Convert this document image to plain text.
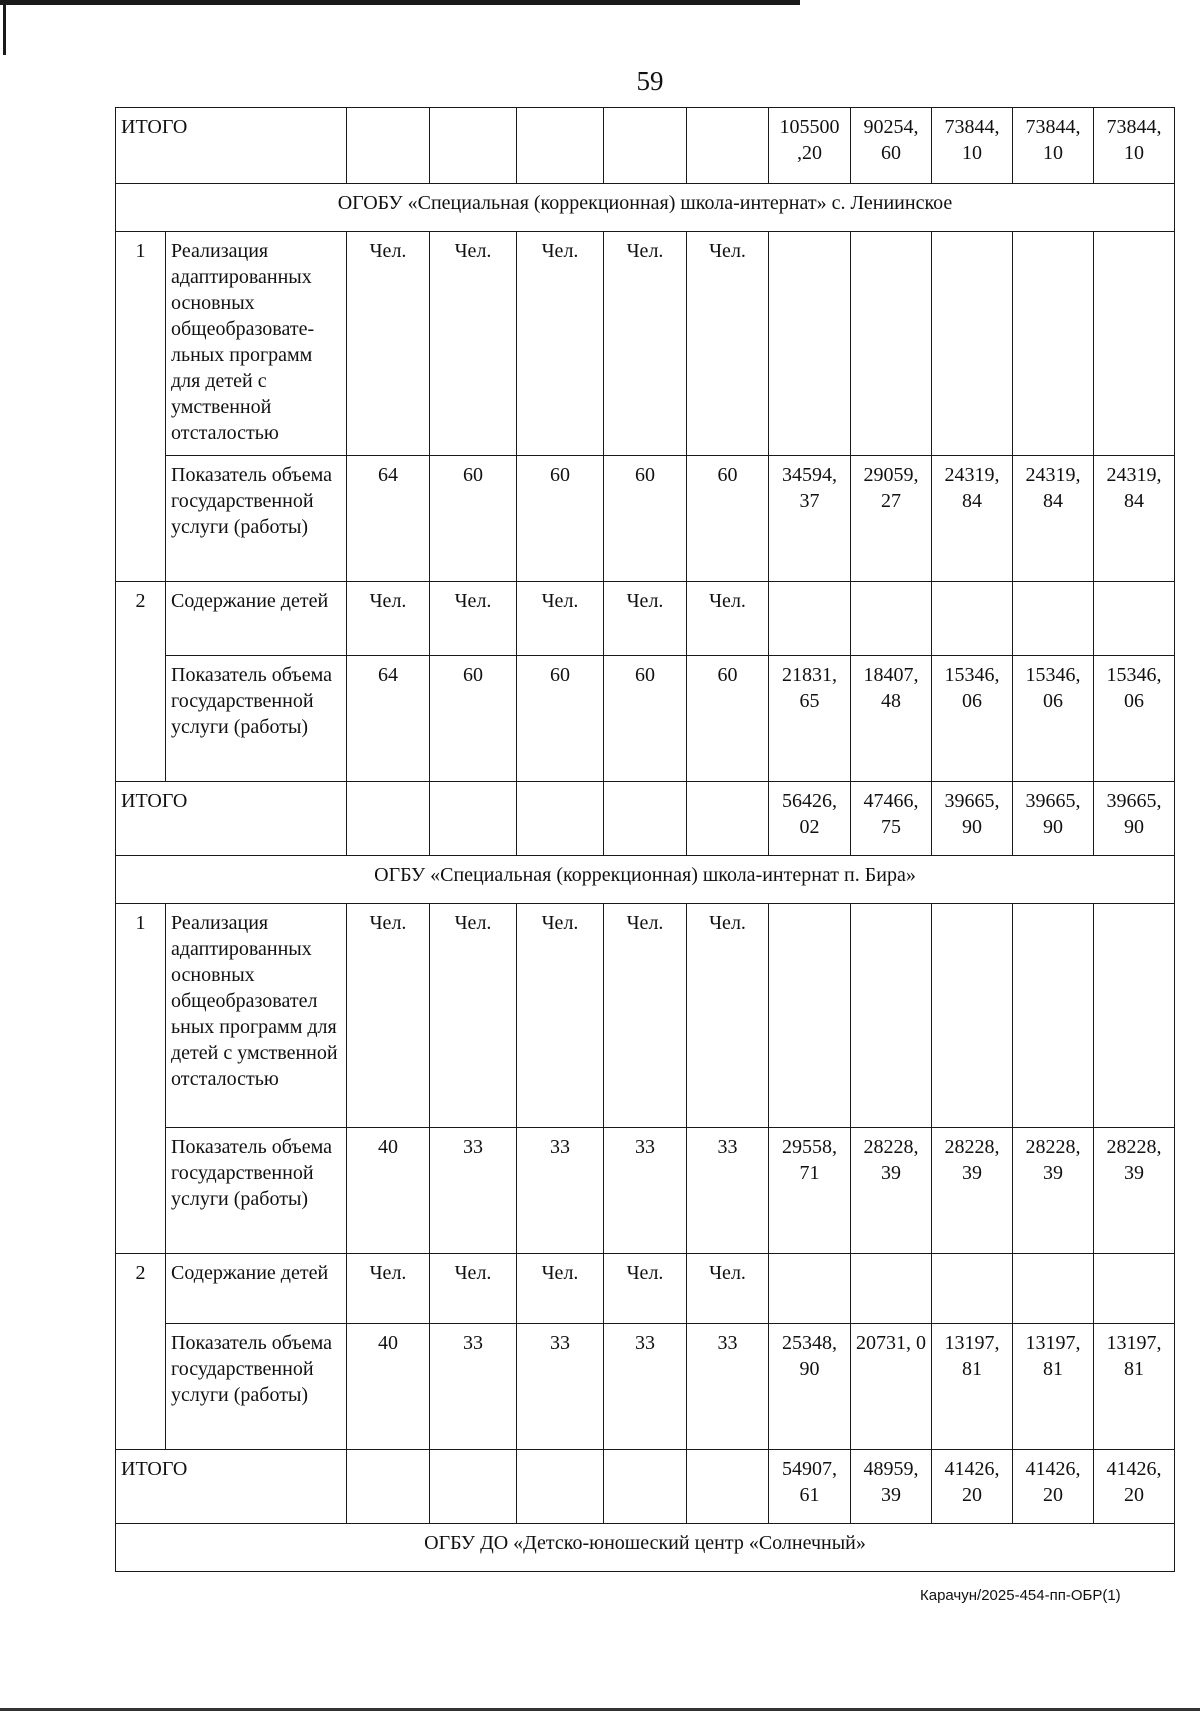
59
ИТОГО							105500 ,20	90254, 60	73844, 10	73844, 10	73844, 10
ОГОБУ «Специальная (коррекционная) школа-интернат» с. Лениинское											
1	Реализация адаптированных основных общеобразовате-льных программ для детей с умственной отсталостью	Чел.	Чел.	Чел.	Чел.	Чел.					
	Показатель объема государственной услуги (работы)	64	60	60	60	60	34594, 37	29059, 27	24319, 84	24319, 84	24319, 84
2	Содержание детей	Чел.	Чел.	Чел.	Чел.	Чел.					
	Показатель объема государственной услуги (работы)	64	60	60	60	60	21831, 65	18407, 48	15346, 06	15346, 06	15346, 06
ИТОГО							56426, 02	47466, 75	39665, 90	39665, 90	39665, 90
ОГБУ «Специальная (коррекционная) школа-интернат п. Бира»											
1	Реализация адаптированных основных общеобразовател ьных программ для детей с умственной отсталостью	Чел.	Чел.	Чел.	Чел.	Чел.					
	Показатель объема государственной услуги (работы)	40	33	33	33	33	29558, 71	28228, 39	28228, 39	28228, 39	28228, 39
2	Содержание детей	Чел.	Чел.	Чел.	Чел.	Чел.					
	Показатель объема государственной услуги (работы)	40	33	33	33	33	25348, 90	20731, 0	13197, 81	13197, 81	13197, 81
ИТОГО							54907, 61	48959, 39	41426, 20	41426, 20	41426, 20
ОГБУ ДО «Детско-юношеский центр «Солнечный»											
Карачун/2025-454-пп-ОБР(1)
